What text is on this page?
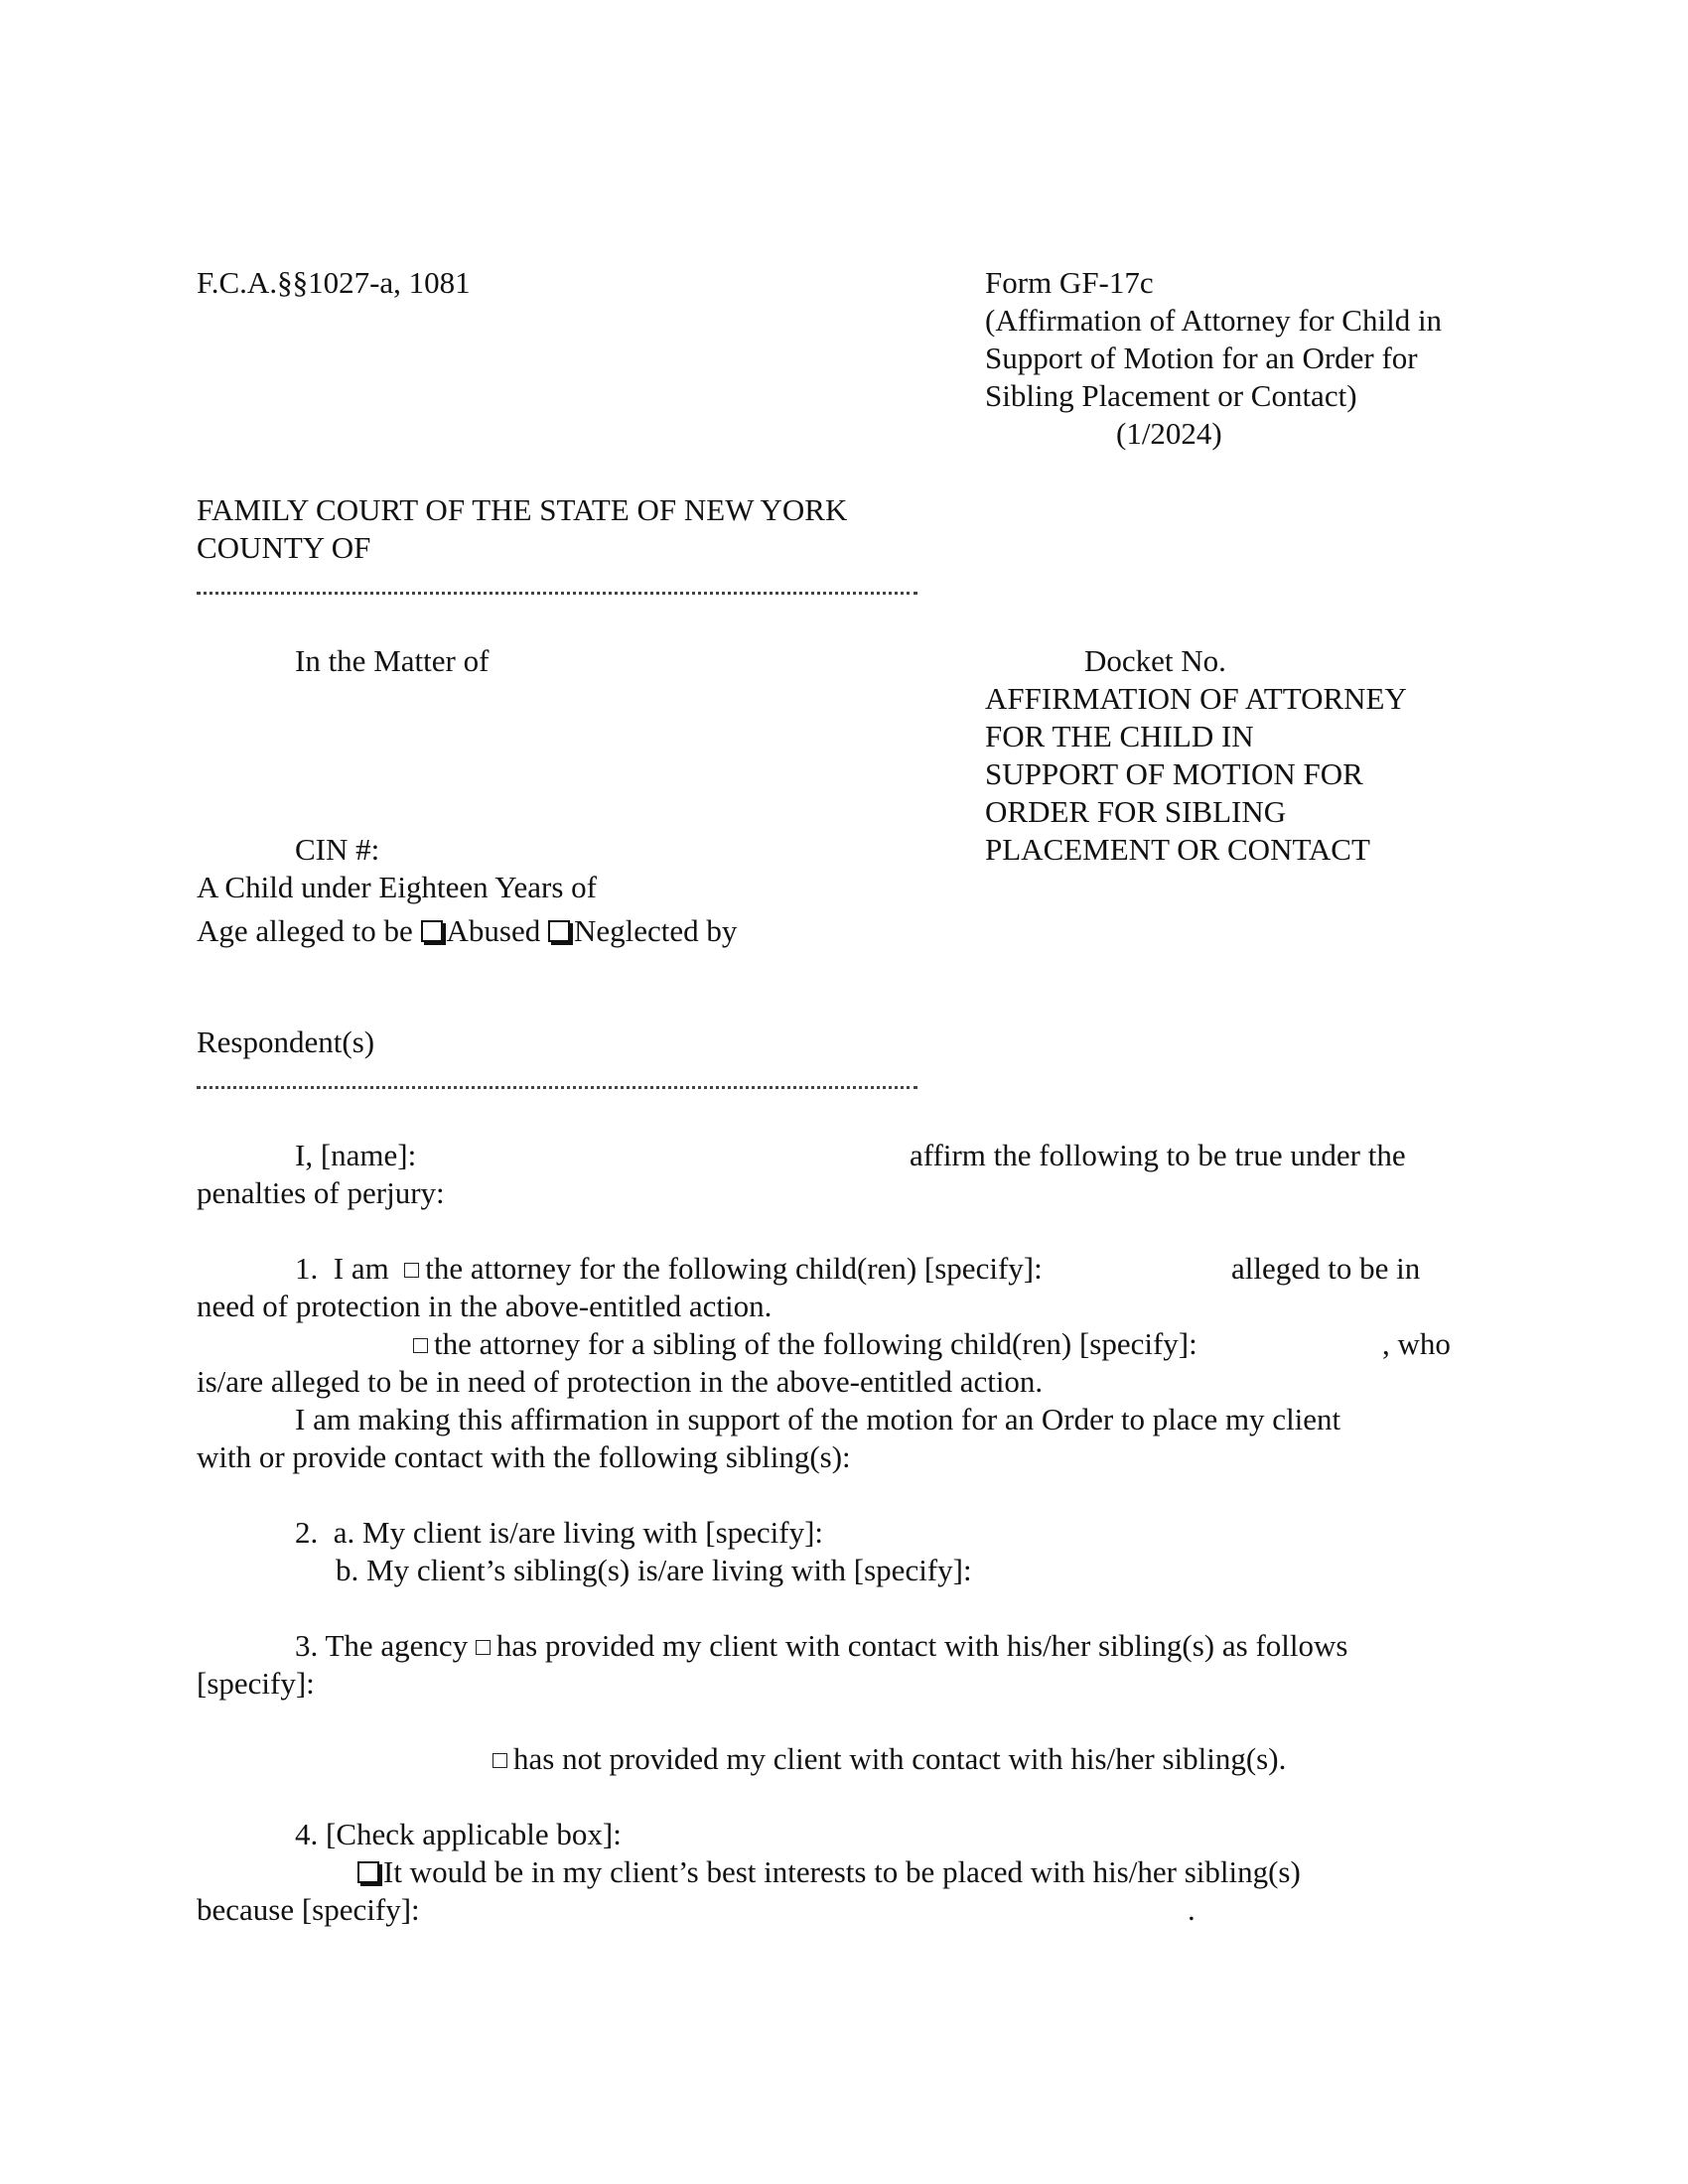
F.C.A.§§1027-a, 1081	Form GF-17c
(Affirmation of Attorney for Child in
Support of Motion for an Order for
Sibling Placement or Contact)
(1/2024)
FAMILY COURT OF THE STATE OF NEW YORK
COUNTY OF
In the Matter of	Docket No.
AFFIRMATION OF ATTORNEY
FOR THE CHILD IN
SUPPORT OF MOTION FOR
ORDER FOR SIBLING
PLACEMENT OR CONTACT
CIN #:
A Child under Eighteen Years of
Age alleged to be Abused Neglected by
Respondent(s)
I, [name]:	affirm the following to be true under the
penalties of perjury:
1.  I am  the attorney for the following child(ren) [specify]:	alleged to be in
need of protection in the above-entitled action.
the attorney for a sibling of the following child(ren) [specify]:	, who
is/are alleged to be in need of protection in the above-entitled action.
I am making this affirmation in support of the motion for an Order to place my client
with or provide contact with the following sibling(s):
2.  a. My client is/are living with [specify]:
b. My client’s sibling(s) is/are living with [specify]:
3. The agency has provided my client with contact with his/her sibling(s) as follows
[specify]:
has not provided my client with contact with his/her sibling(s).
4. [Check applicable box]:
It would be in my client’s best interests to be placed with his/her sibling(s)
because [specify]:	.
